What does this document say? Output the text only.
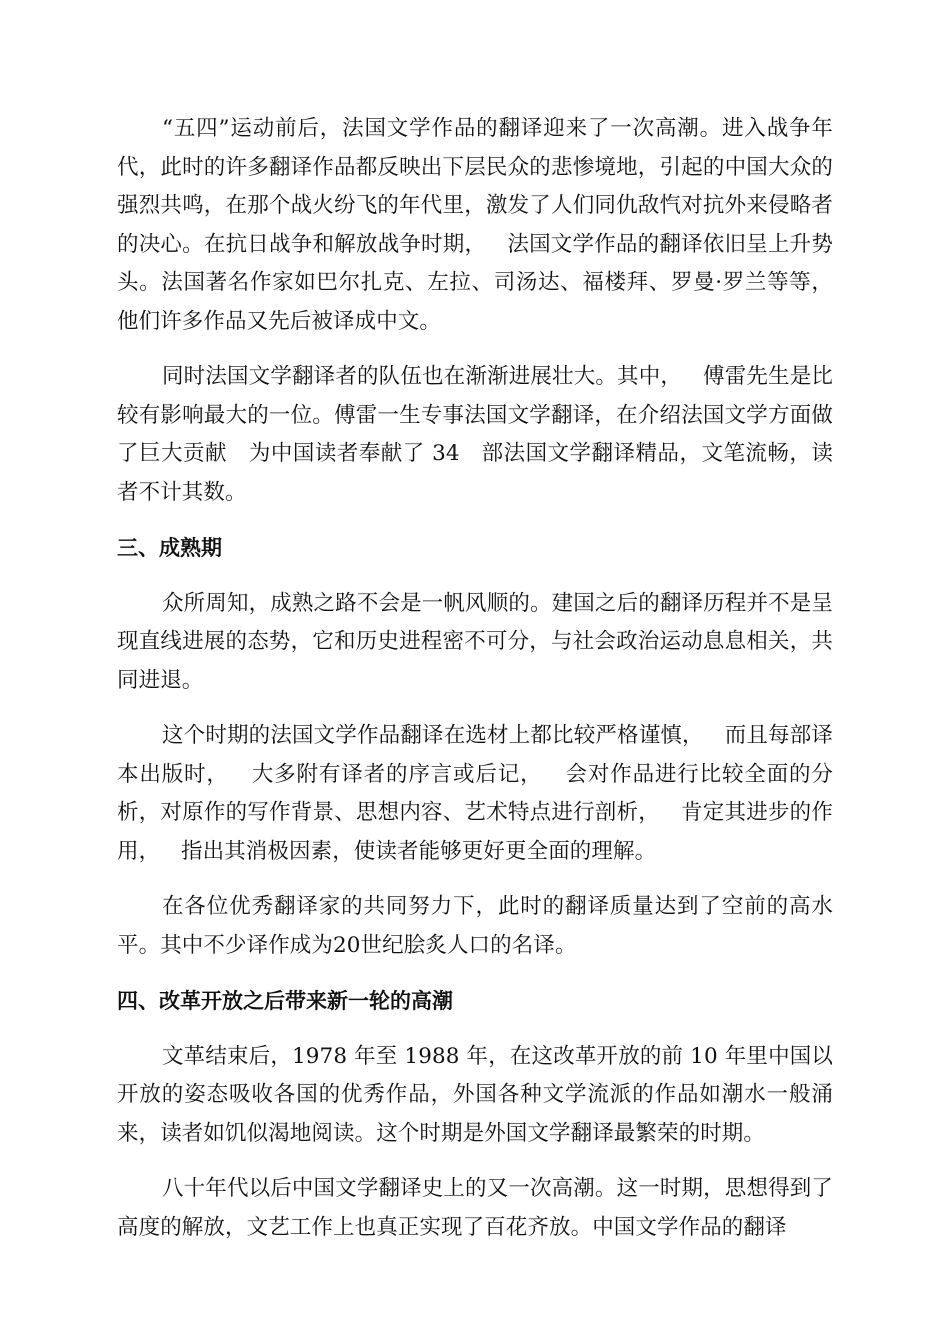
“五四”运动前后，法国文学作品的翻译迎来了一次高潮。进入战争年代，此时的许多翻译作品都反映出下层民众的悲惨境地，引起的中国大众的强烈共鸣，在那个战火纷飞的年代里，激发了人们同仇敌忾对抗外来侵略者的决心。在抗日战争和解放战争时期，   法国文学作品的翻译依旧呈上升势头。法国著名作家如巴尔扎克、左拉、司汤达、福楼拜、罗曼·罗兰等等，   他们许多作品又先后被译成中文。

同时法国文学翻译者的队伍也在渐渐进展壮大。其中，   傅雷先生是比较有影响最大的一位。傅雷一生专事法国文学翻译，在介绍法国文学方面做了巨大贡献   为中国读者奉献了 34   部法国文学翻译精品，文笔流畅，读者不计其数。

三、成熟期

众所周知，成熟之路不会是一帆风顺的。建国之后的翻译历程并不是呈现直线进展的态势，它和历史进程密不可分，与社会政治运动息息相关，共同进退。

这个时期的法国文学作品翻译在选材上都比较严格谨慎，   而且每部译本出版时，   大多附有译者的序言或后记，   会对作品进行比较全面的分析，对原作的写作背景、思想内容、艺术特点进行剖析，   肯定其进步的作用，   指出其消极因素，使读者能够更好更全面的理解。

在各位优秀翻译家的共同努力下，此时的翻译质量达到了空前的高水平。其中不少译作成为20世纪脍炙人口的名译。

四、改革开放之后带来新一轮的高潮

文革结束后，1978 年至 1988 年，在这改革开放的前 10 年里中国以开放的姿态吸收各国的优秀作品，外国各种文学流派的作品如潮水一般涌来，读者如饥似渴地阅读。这个时期是外国文学翻译最繁荣的时期。

八十年代以后中国文学翻译史上的又一次高潮。这一时期，思想得到了高度的解放，文艺工作上也真正实现了百花齐放。中国文学作品的翻译
